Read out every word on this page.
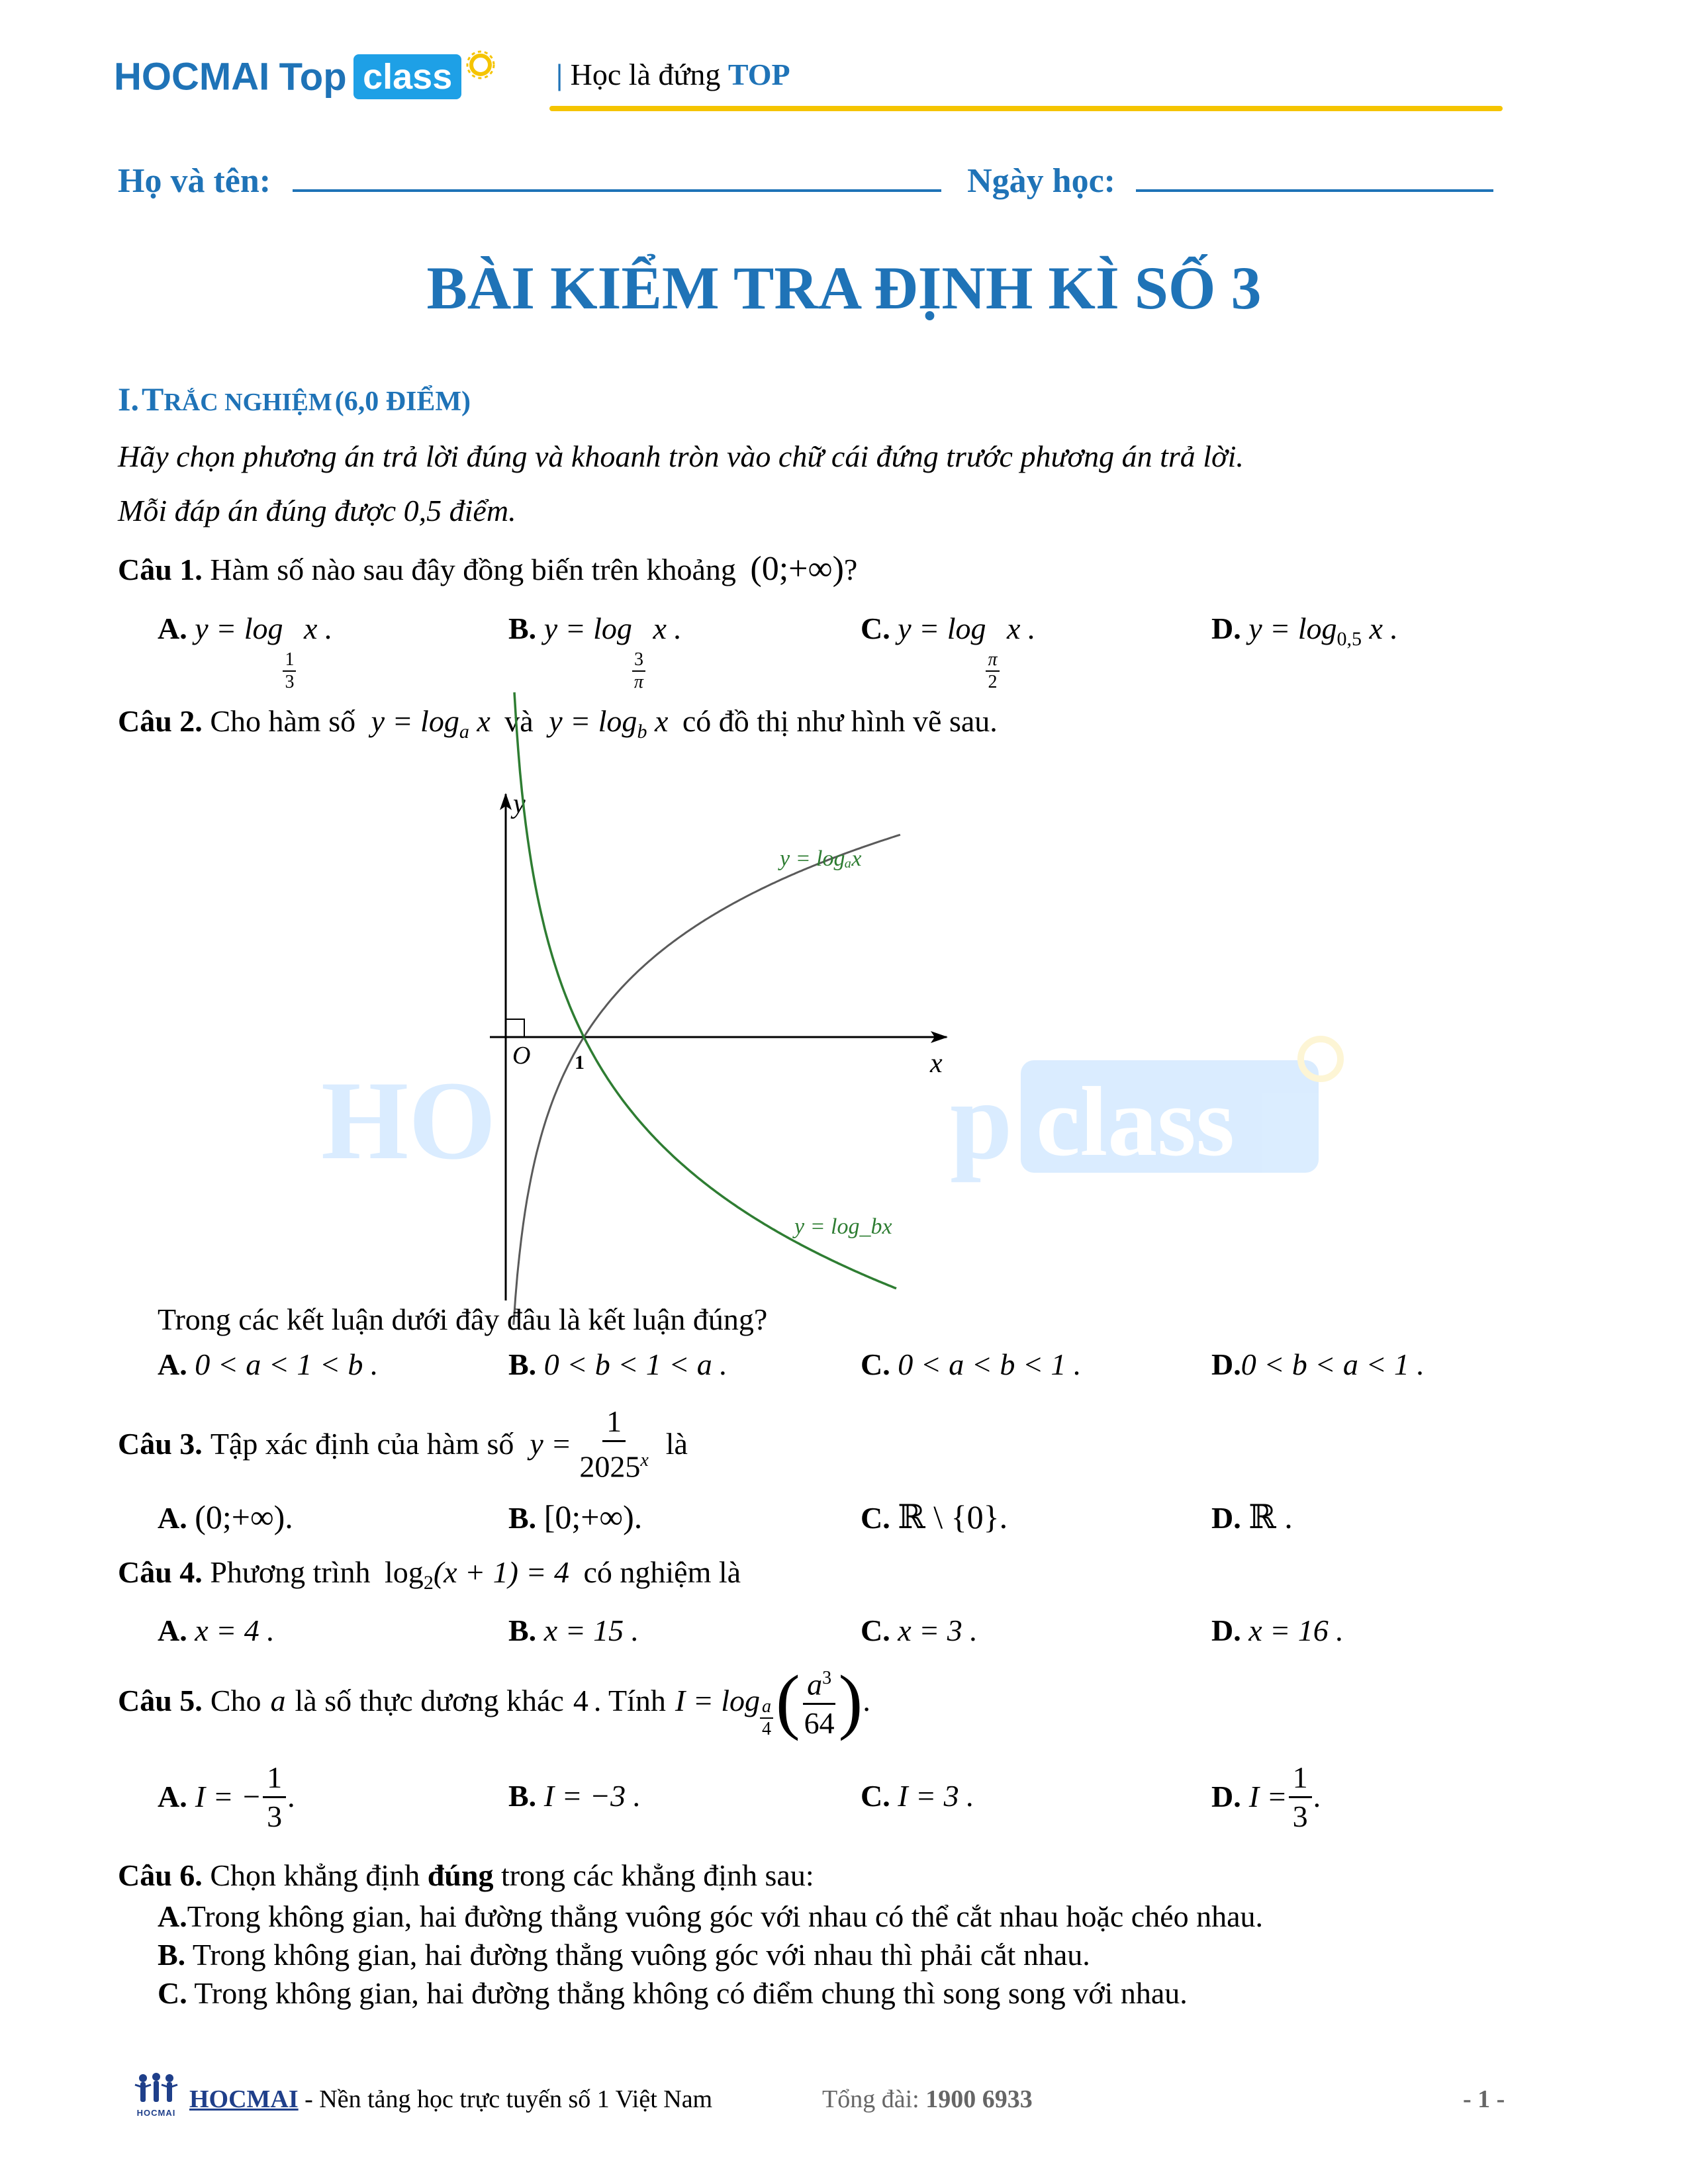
HOCMAI Top class	| Học là đứng TOP
Họ và tên:	Ngày học:
BÀI KIỂM TRA ĐỊNH KÌ SỐ 3
I. TRẮC NGHIỆM (6,0 ĐIỂM)
Hãy chọn phương án trả lời đúng và khoanh tròn vào chữ cái đứng trước phương án trả lời.
Mỗi đáp án đúng được 0,5 điểm.
Câu 1. Hàm số nào sau đây đồng biến trên khoảng (0;+∞)?
A. y = log
$\frac{1}{3}$
x .	B. y = log
$\frac{3}{\pi}$
x .	C. y = log
$\frac{\pi}{2}$
x .	D. $y = \log_{0,5} x$ .
Câu 2. Cho hàm số $y = \log_a x$ và $y = \log_b x$ có đồ thị như hình vẽ sau.
HO	p class
y
x
O 1
y = logₐx
y = log_bx
Trong các kết luận dưới đây đâu là kết luận đúng?
A. 0 < a < 1 < b .	B. 0 < b < 1 < a .	C. 0 < a < b < 1 .	D.0 < b < a < 1 .
Câu 3. Tập xác định của hàm số $y = \frac{1}{2025^x}$ là
A. (0;+∞).	B. [0;+∞).	C. ℝ \ {0}.	D. ℝ .
Câu 4. Phương trình $\log_2(x + 1) = 4$ có nghiệm là
A. x = 4 .	B. x = 15 .	C. x = 3 .	D. x = 16 .
Câu 5. Cho a là số thực dương khác 4 . Tính $I = \log \frac{a}{4}$ ( $\frac{a^3}{64}$ ) .
A. I = − $\frac{1}{3}$ .	B. I = −3 .	C. I = 3 .	D. $I = \frac{1}{3}$ .
Câu 6. Chọn khẳng định đúng trong các khẳng định sau:
A.Trong không gian, hai đường thẳng vuông góc với nhau có thể cắt nhau hoặc chéo nhau.
B. Trong không gian, hai đường thẳng vuông góc với nhau thì phải cắt nhau.
C. Trong không gian, hai đường thẳng không có điểm chung thì song song với nhau.
HOCMAI HOCMAI - Nền tảng học trực tuyến số 1 Việt Nam	Tổng đài: 1900 6933	- 1 -
